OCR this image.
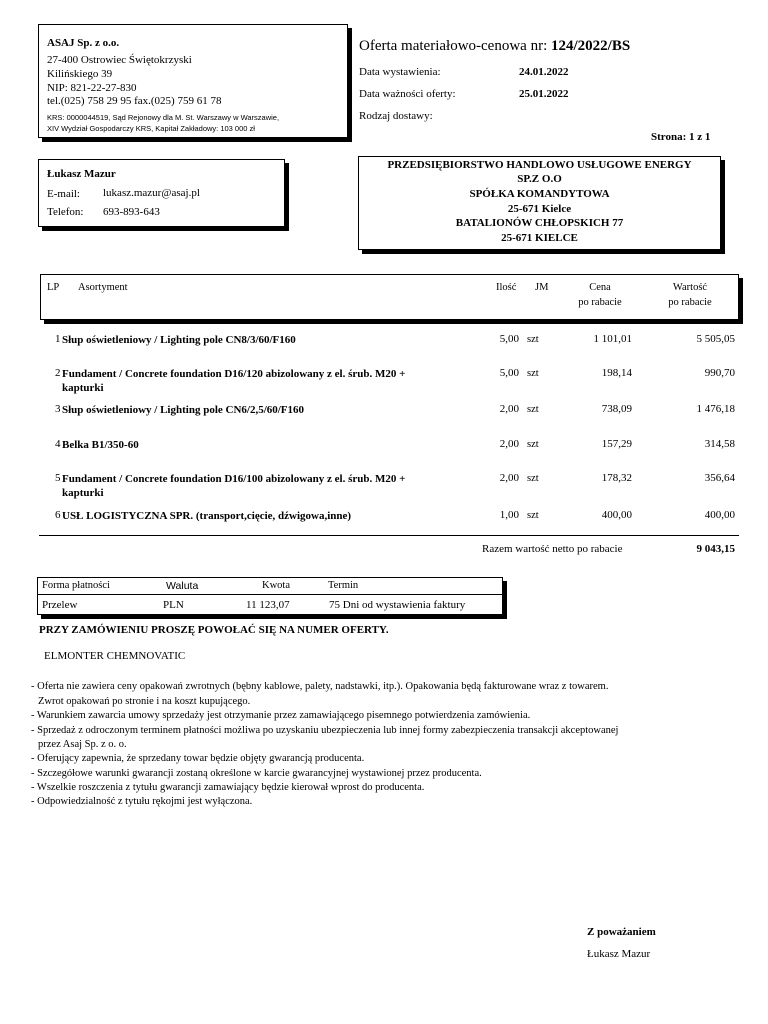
ASAJ Sp. z o.o.
27-400 Ostrowiec Świętokrzyski
Kilińskiego 39
NIP: 821-22-27-830
tel.(025) 758 29 95 fax.(025) 759 61 78
KRS: 0000044519, Sąd Rejonowy dla M. St. Warszawy w Warszawie,
XIV Wydział Gospodarczy KRS, Kapitał Zakładowy: 103 000 zł
Oferta materiałowo-cenowa nr: 124/2022/BS
Data wystawienia:	24.01.2022
Data ważności oferty:	25.01.2022
Rodzaj dostawy:
Strona: 1 z 1
Łukasz Mazur
E-mail: lukasz.mazur@asaj.pl
Telefon: 693-893-643
PRZEDSIĘBIORSTWO HANDLOWO USŁUGOWE ENERGY
SP.Z O.O
SPÓŁKA KOMANDYTOWA
25-671 Kielce
BATALIONÓW CHŁOPSKICH 77
25-671 KIELCE
LP Asortyment	Ilość JM	Cena
po rabacie
Wartość
po rabacie
1 Słup oświetleniowy / Lighting pole CN8/3/60/F160	5,00 szt	1 101,01	5 505,05
2 Fundament / Concrete foundation D16/120 abizolowany z el. śrub. M20 + kapturki
5,00 szt	198,14	990,70
3 Słup oświetleniowy / Lighting pole CN6/2,5/60/F160	2,00 szt	738,09	1 476,18
4 Belka B1/350-60	2,00 szt	157,29	314,58
5 Fundament / Concrete foundation D16/100 abizolowany z el. śrub. M20 + kapturki
2,00 szt	178,32	356,64
6 USŁ LOGISTYCZNA SPR. (transport,cięcie, dźwigowa,inne)	1,00 szt	400,00	400,00
Razem wartość netto po rabacie	9 043,15
Forma płatności	Waluta	Kwota	Termin
Przelew	PLN	11 123,07	75 Dni od wystawienia faktury
PRZY ZAMÓWIENIU PROSZĘ POWOŁAĆ SIĘ NA NUMER OFERTY.
ELMONTER CHEMNOVATIC
- Oferta nie zawiera ceny opakowań zwrotnych (bębny kablowe, palety, nadstawki, itp.). Opakowania będą fakturowane wraz z towarem.
Zwrot opakowań po stronie i na koszt kupującego.
- Warunkiem zawarcia umowy sprzedaży jest otrzymanie przez zamawiającego pisemnego potwierdzenia zamówienia.
- Sprzedaż z odroczonym terminem płatności możliwa po uzyskaniu ubezpieczenia lub innej formy zabezpieczenia transakcji akceptowanej
przez Asaj Sp. z o. o.
- Oferujący zapewnia, że sprzedany towar będzie objęty gwarancją producenta.
- Szczegółowe warunki gwarancji zostaną określone w karcie gwarancyjnej wystawionej przez producenta.
- Wszelkie roszczenia z tytułu gwarancji zamawiający będzie kierował wprost do producenta.
- Odpowiedzialność z tytułu rękojmi jest wyłączona.
Z poważaniem
Łukasz Mazur
